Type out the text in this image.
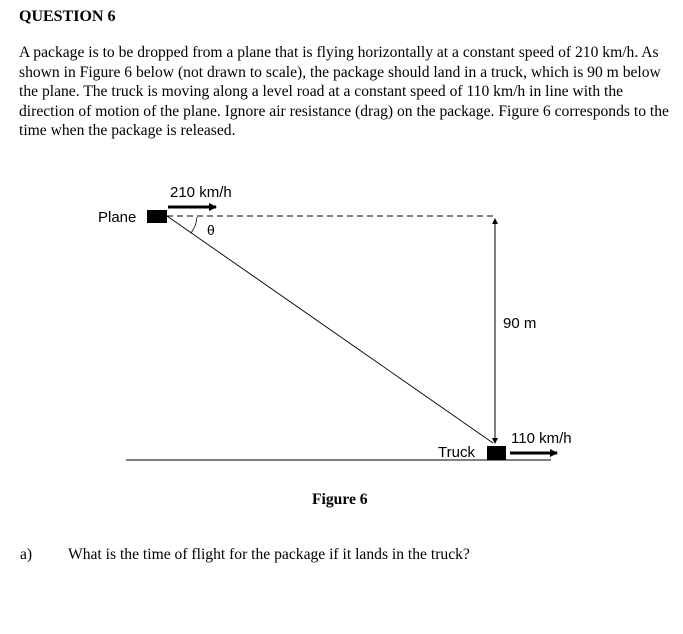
QUESTION 6
A package is to be dropped from a plane that is flying horizontally at a constant speed of 210 km/h. As shown in Figure 6 below (not drawn to scale), the package should land in a truck, which is 90 m below the plane. The truck is moving along a level road at a constant speed of 110 km/h in line with the direction of motion of the plane. Ignore air resistance (drag) on the package. Figure 6 corresponds to the time when the package is released.
Plane
210 km/h
θ
90 m
Truck
110 km/h
Figure 6
a) What is the time of flight for the package if it lands in the truck?
